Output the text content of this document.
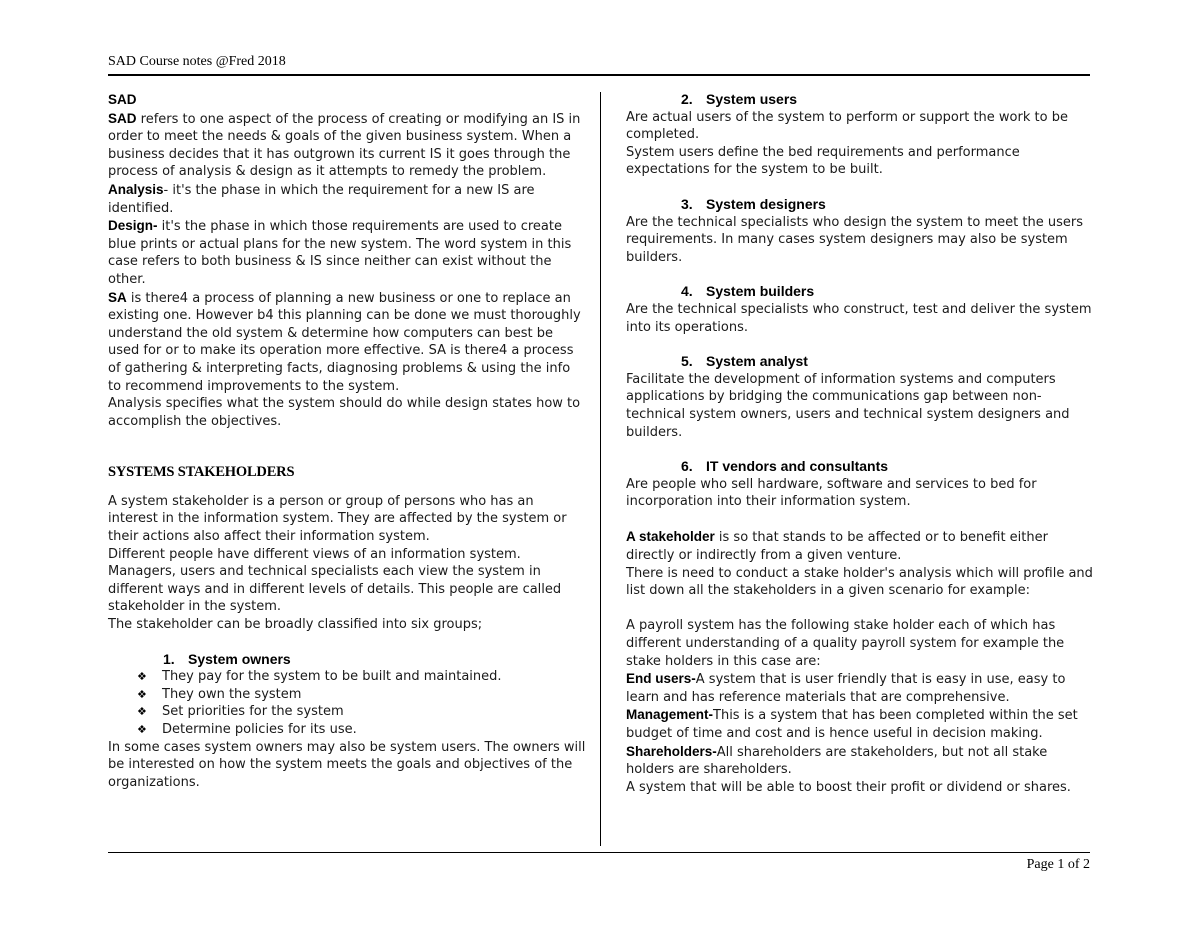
SAD Course notes @Fred 2018

SAD

SAD refers to one aspect of the process of creating or modifying an IS in order to meet the needs & goals of the given business system. When a business decides that it has outgrown its current IS it goes through the process of analysis & design as it attempts to remedy the problem.

Analysis- it's the phase in which the requirement for a new IS are identified.

Design- it's the phase in which those requirements are used to create blue prints or actual plans for the new system. The word system in this case refers to both business & IS since neither can exist without the other.

SA is there4 a process of planning a new business or one to replace an existing one. However b4 this planning can be done we must thoroughly understand the old system & determine how computers can best be used for or to make its operation more effective. SA is there4 a process of gathering & interpreting facts, diagnosing problems & using the info to recommend improvements to the system.

Analysis specifies what the system should do while design states how to accomplish the objectives.

SYSTEMS STAKEHOLDERS

A system stakeholder is a person or group of persons who has an interest in the information system. They are affected by the system or their actions also affect their information system.

Different people have different views of an information system. Managers, users and technical specialists each view the system in different ways and in different levels of details. This people are called stakeholder in the system.

The stakeholder can be broadly classified into six groups;

1. System owners
❖ They pay for the system to be built and maintained.
❖ They own the system
❖ Set priorities for the system
❖ Determine policies for its use.

In some cases system owners may also be system users. The owners will be interested on how the system meets the goals and objectives of the organizations.

2. System users

Are actual users of the system to perform or support the work to be completed.

System users define the bed requirements and performance expectations for the system to be built.

3. System designers

Are the technical specialists who design the system to meet the users requirements. In many cases system designers may also be system builders.

4. System builders

Are the technical specialists who construct, test and deliver the system into its operations.

5. System analyst

Facilitate the development of information systems and computers applications by bridging the communications gap between non-technical system owners, users and technical system designers and builders.

6. IT vendors and consultants

Are people who sell hardware, software and services to bed for incorporation into their information system.

A stakeholder is so that stands to be affected or to benefit either directly or indirectly from a given venture.

There is need to conduct a stake holder's analysis which will profile and list down all the stakeholders in a given scenario for example:

A payroll system has the following stake holder each of which has different understanding of a quality payroll system for example the stake holders in this case are:

End users-A system that is user friendly that is easy in use, easy to learn and has reference materials that are comprehensive.

Management-This is a system that has been completed within the set budget of time and cost and is hence useful in decision making.

Shareholders-All shareholders are stakeholders, but not all stake holders are shareholders.

A system that will be able to boost their profit or dividend or shares.

Page 1 of 2
